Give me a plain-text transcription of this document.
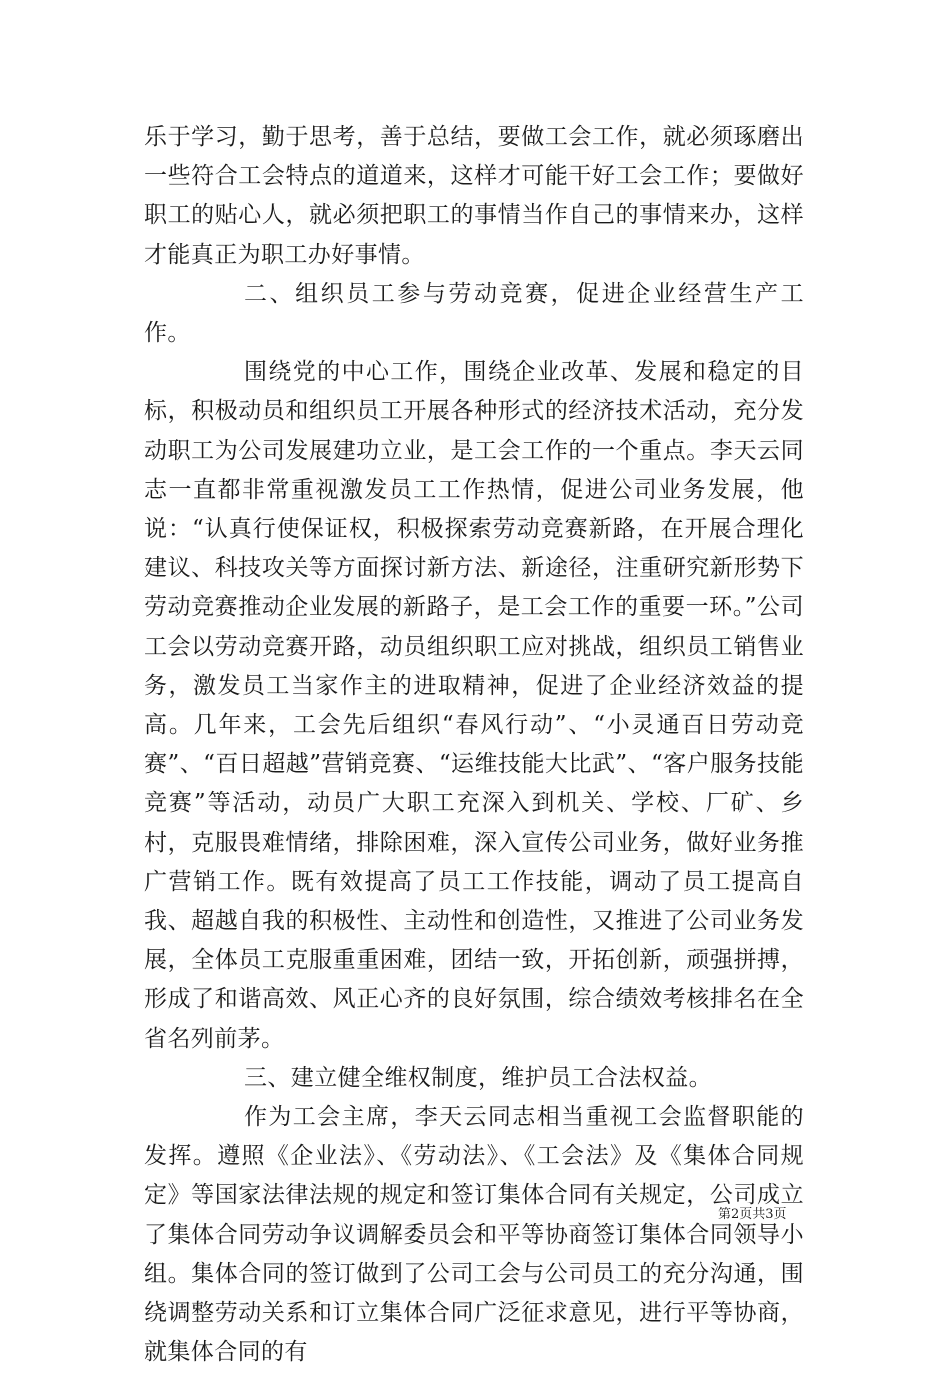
乐于学习，勤于思考，善于总结，要做工会工作，就必须琢磨出一些符合工会特点的道道来，这样才可能干好工会工作；要做好职工的贴心人，就必须把职工的事情当作自己的事情来办，这样才能真正为职工办好事情。

二、组织员工参与劳动竞赛，促进企业经营生产工作。

围绕党的中心工作，围绕企业改革、发展和稳定的目标，积极动员和组织员工开展各种形式的经济技术活动，充分发动职工为公司发展建功立业，是工会工作的一个重点。李天云同志一直都非常重视激发员工工作热情，促进公司业务发展，他说：“认真行使保证权，积极探索劳动竞赛新路，在开展合理化建议、科技攻关等方面探讨新方法、新途径，注重研究新形势下劳动竞赛推动企业发展的新路子，是工会工作的重要一环。”公司工会以劳动竞赛开路，动员组织职工应对挑战，组织员工销售业务，激发员工当家作主的进取精神，促进了企业经济效益的提高。几年来，工会先后组织“春风行动”、“小灵通百日劳动竞赛”、“百日超越”营销竞赛、“运维技能大比武”、“客户服务技能竞赛”等活动，动员广大职工充深入到机关、学校、厂矿、乡村，克服畏难情绪，排除困难，深入宣传公司业务，做好业务推广营销工作。既有效提高了员工工作技能，调动了员工提高自我、超越自我的积极性、主动性和创造性，又推进了公司业务发展，全体员工克服重重困难，团结一致，开拓创新，顽强拼搏，形成了和谐高效、风正心齐的良好氛围，综合绩效考核排名在全省名列前茅。

三、建立健全维权制度，维护员工合法权益。

作为工会主席，李天云同志相当重视工会监督职能的发挥。遵照《企业法》、《劳动法》、《工会法》及《集体合同规定》等国家法律法规的规定和签订集体合同有关规定，公司成立了集体合同劳动争议调解委员会和平等协商签订集体合同领导小组。集体合同的签订做到了公司工会与公司员工的充分沟通，围绕调整劳动关系和订立集体合同广泛征求意见，进行平等协商，就集体合同的有

第2页共3页
